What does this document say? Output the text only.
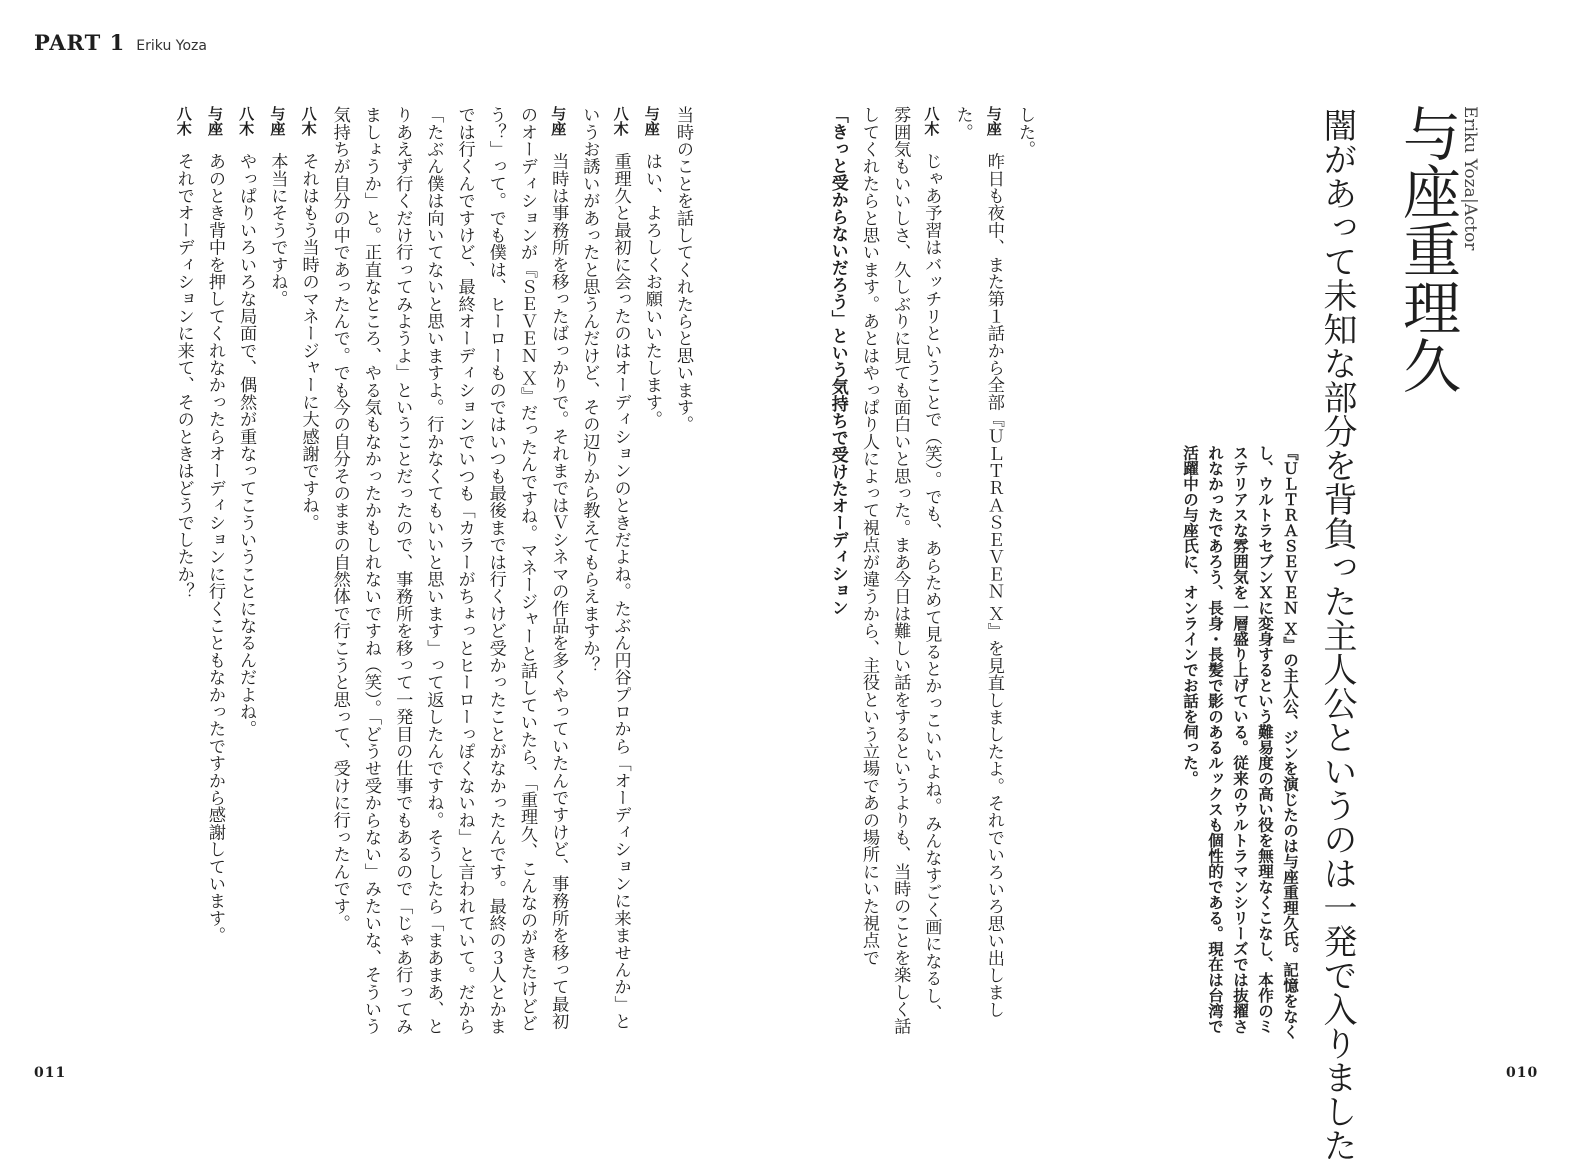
PART 1 Eriku Yoza
Eriku Yoza|Actor
与座重理久
闇があって未知な部分を背負った主人公というのは一発で入りました
『ＵＬＴＲＡＳＥＶＥＮ Ｘ』の主人公、ジンを演じたのは与座重理久氏。記憶をなくし、ウルトラセブンＸに変身するという難易度の高い役を無理なくこなし、本作のミステリアスな雰囲気を一層盛り上げている。従来のウルトラマンシリーズでは抜擢されなかったであろう、長身・長髪で影のあるルックスも個性的である。現在は台湾で活躍中の与座氏に、オンラインでお話を伺った。
した。
与座昨日も夜中、また第１話から全部『ＵＬＴＲＡＳＥＶＥＮ Ｘ』を見直しましたよ。それでいろいろ思い出しました。
八木じゃあ予習はバッチリということで（笑）。でも、あらためて見るとかっこいいよね。みんなすごく画になるし、雰囲気もいいしさ、久しぶりに見ても面白いと思った。まあ今日は難しい話をするというよりも、当時のことを楽しく話してくれたらと思います。あとはやっぱり人によって視点が違うから、主役という立場であの場所にいた視点で
「きっと受からないだろう」という気持ちで受けたオーディション
当時のことを話してくれたらと思います。
与座はい、よろしくお願いいたします。
八木重理久と最初に会ったのはオーディションのときだよね。たぶん円谷プロから「オーディションに来ませんか」というお誘いがあったと思うんだけど、その辺りから教えてもらえますか？
与座当時は事務所を移ったばっかりで。それまではＶシネマの作品を多くやっていたんですけど、事務所を移って最初のオーディションが『ＳＥＶＥＮ Ｘ』だったんですね。マネージャーと話していたら、「重理久、こんなのがきたけどどう？」って。でも僕は、ヒーローものではいつも最後までは行くけど受かったことがなかったんです。最終の３人とかまでは行くんですけど、最終オーディションでいつも「カラーがちょっとヒーローっぽくないね」と言われていて。だから「たぶん僕は向いてないと思いますよ。行かなくてもいいと思います」って返したんですね。そうしたら「まあまあ、とりあえず行くだけ行ってみようよ」ということだったので、事務所を移って一発目の仕事でもあるので「じゃあ行ってみましょうか」と。正直なところ、やる気もなかったかもしれないですね（笑）。「どうせ受からない」みたいな、そういう気持ちが自分の中であったんで。でも今の自分そのままの自然体で行こうと思って、受けに行ったんです。
八木それはもう当時のマネージャーに大感謝ですね。
与座本当にそうですね。
八木やっぱりいろいろな局面で、偶然が重なってこういうことになるんだよね。
与座あのとき背中を押してくれなかったらオーディションに行くこともなかったですから感謝しています。
八木それでオーディションに来て、そのときはどうでしたか？
011	010
